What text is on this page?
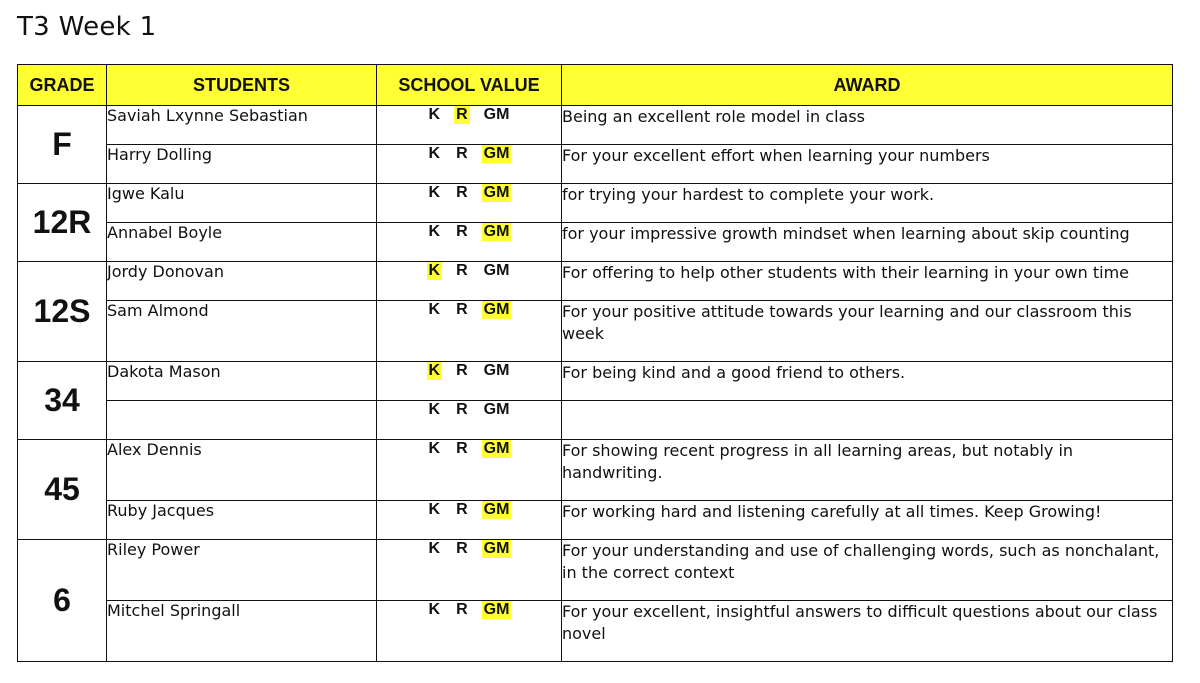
T3 Week 1
GRADE	STUDENTS	SCHOOL VALUE	AWARD
F	Saviah Lxynne Sebastian	K R GM	Being an excellent role model in class
	Harry Dolling	K R GM	For your excellent effort when learning your numbers
12R	Igwe Kalu	K R GM	for trying your hardest to complete your work.
	Annabel Boyle	K R GM	for your impressive growth mindset when learning about skip counting
12S	Jordy Donovan	K R GM	For offering to help other students with their learning in your own time
	Sam Almond	K R GM	For your positive attitude towards your learning and our classroom this week
34	Dakota Mason	K R GM	For being kind and a good friend to others.
		K R GM	
45	Alex Dennis	K R GM	For showing recent progress in all learning areas, but notably in handwriting.
	Ruby Jacques	K R GM	For working hard and listening carefully at all times. Keep Growing!
6	Riley Power	K R GM	For your understanding and use of challenging words, such as nonchalant, in the correct context
	Mitchel Springall	K R GM	For your excellent, insightful answers to difficult questions about our class novel
